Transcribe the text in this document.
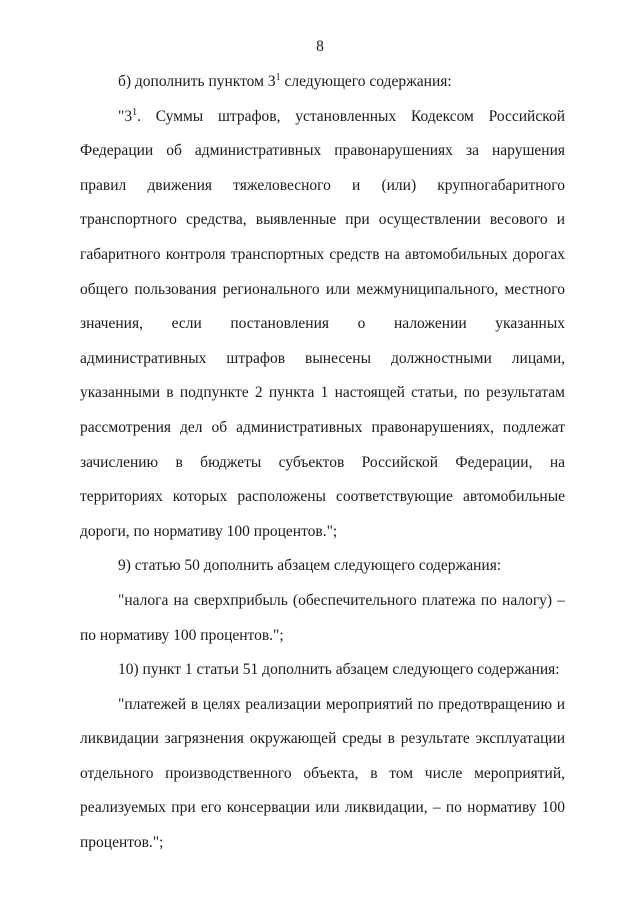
8

б) дополнить пунктом $3^1$ следующего содержания:

"$3^1$. Суммы штрафов, установленных Кодексом Российской Федерации об административных правонарушениях за нарушения правил движения тяжеловесного и (или) крупногабаритного транспортного средства, выявленные при осуществлении весового и габаритного контроля транспортных средств на автомобильных дорогах общего пользования регионального или межмуниципального, местного значения, если постановления о наложении указанных административных штрафов вынесены должностными лицами, указанными в подпункте 2 пункта 1 настоящей статьи, по результатам рассмотрения дел об административных правонарушениях, подлежат зачислению в бюджеты субъектов Российской Федерации, на территориях которых расположены соответствующие автомобильные дороги, по нормативу 100 процентов.";

9) статью 50 дополнить абзацем следующего содержания:

"налога на сверхприбыль (обеспечительного платежа по налогу) – по нормативу 100 процентов.";

10) пункт 1 статьи 51 дополнить абзацем следующего содержания:

"платежей в целях реализации мероприятий по предотвращению и ликвидации загрязнения окружающей среды в результате эксплуатации отдельного производственного объекта, в том числе мероприятий, реализуемых при его консервации или ликвидации, – по нормативу 100 процентов.";
